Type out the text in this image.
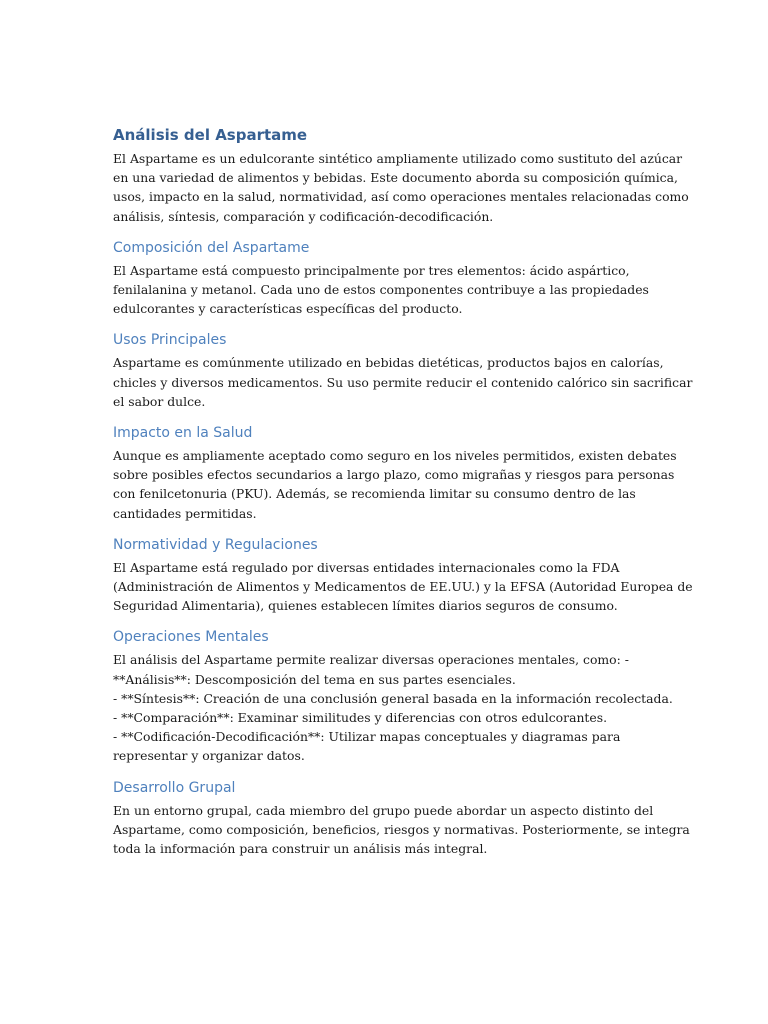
Análisis del Aspartame

El Aspartame es un edulcorante sintético ampliamente utilizado como sustituto del azúcar
en una variedad de alimentos y bebidas. Este documento aborda su composición química,
usos, impacto en la salud, normatividad, así como operaciones mentales relacionadas como
análisis, síntesis, comparación y codificación-decodificación.

Composición del Aspartame

El Aspartame está compuesto principalmente por tres elementos: ácido aspártico,
fenilalanina y metanol. Cada uno de estos componentes contribuye a las propiedades
edulcorantes y características específicas del producto.

Usos Principales

Aspartame es comúnmente utilizado en bebidas dietéticas, productos bajos en calorías,
chicles y diversos medicamentos. Su uso permite reducir el contenido calórico sin sacrificar
el sabor dulce.

Impacto en la Salud

Aunque es ampliamente aceptado como seguro en los niveles permitidos, existen debates
sobre posibles efectos secundarios a largo plazo, como migrañas y riesgos para personas
con fenilcetonuria (PKU). Además, se recomienda limitar su consumo dentro de las
cantidades permitidas.

Normatividad y Regulaciones

El Aspartame está regulado por diversas entidades internacionales como la FDA
(Administración de Alimentos y Medicamentos de EE.UU.) y la EFSA (Autoridad Europea de
Seguridad Alimentaria), quienes establecen límites diarios seguros de consumo.

Operaciones Mentales

El análisis del Aspartame permite realizar diversas operaciones mentales, como: -
**Análisis**: Descomposición del tema en sus partes esenciales.
- **Síntesis**: Creación de una conclusión general basada en la información recolectada.
- **Comparación**: Examinar similitudes y diferencias con otros edulcorantes.
- **Codificación-Decodificación**: Utilizar mapas conceptuales y diagramas para
representar y organizar datos.

Desarrollo Grupal

En un entorno grupal, cada miembro del grupo puede abordar un aspecto distinto del
Aspartame, como composición, beneficios, riesgos y normativas. Posteriormente, se integra
toda la información para construir un análisis más integral.
